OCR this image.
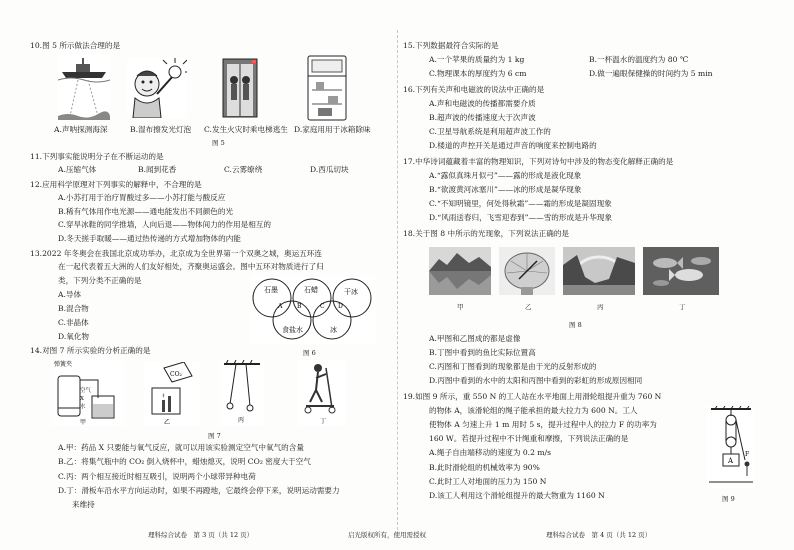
10.图 5 所示做法合理的是
A.声呐探测海深	B.湿布擦发光灯泡 C.发生火灾时乘电梯逃生 D.家庭用用于冰箱除味
图 5
11.下列事实能说明分子在不断运动的是
A.压缩气体	B.闻到花香	C.云雾缭绕	D.西瓜切块
12.应用科学原理对下列事实的解释中，不合理的是
A.小苏打用于治疗胃酸过多——小苏打能与酸反应
B.稀有气体用作电光源——通电能发出不同颜色的光
C.穿旱冰鞋的同学推墙，人向后退——物体间力的作用是相互的
D.冬天搓手取暖——通过热传递的方式增加物体的内能
13.2022 年冬奥会在我国北京成功举办，北京成为全世界第一个双奥之城，奥运五环连
在一起代表着五大洲的人们友好相处，齐聚奥运盛会。图中五环对物质进行了归
类，下列分类不正确的是
A.导体
B.混合物
C.非晶体
D.氧化物
石墨	石蜡	干冰
食盐水	冰
A B	C D
图 6
14.对图 7 所示实验的分析正确的是
弹簧夹
空气
X
水
甲
CO₂
乙	丙	丁
图 7
A.甲：药品 X 只要能与氧气反应，就可以用该实验测定空气中氧气的含量
B.乙：将集气瓶中的 CO₂ 倒入烧杯中，蜡烛熄灭，说明 CO₂ 密度大于空气
C.丙：两个相互接近时相互吸引，说明两个小球带异种电荷
D.丁：滑板车沿水平方向运动时，如果不再蹬地，它最终会停下来，说明运动需要力
来维持
15.下列数据最符合实际的是
A.一个苹果的质量约为 1 kg	B.一杯温水的温度约为 80 ℃
C.物理课本的厚度约为 6 cm	D.做一遍眼保健操的时间约为 5 min
16.下列有关声和电磁波的说法中正确的是
A.声和电磁波的传播都需要介质
B.超声波的传播速度大于次声波
C.卫星导航系统是利用超声波工作的
D.楼道的声控开关是通过声音的响度来控制电路的
17.中华诗词蕴藏着丰富的物理知识，下列对诗句中涉及的物态变化解释正确的是
A.“露似真珠月似弓”——露的形成是液化现象
B.“欲渡黄河冰塞川”——冰的形成是凝华现象
C.“不知明镜里，何处得秋霜”——霜的形成是凝固现象
D.“风雨送春归，飞雪迎春到”——雪的形成是升华现象
18.关于图 8 中所示的光现象，下列说法正确的是
甲	乙	丙	丁
图 8
A.甲图和乙图成的都是虚像
B.丁图中看到的鱼比实际位置高
C.丙图和丁图看到的现象都是由于光的反射形成的
D.丙图中看到的水中的太阳和丙图中看到的彩虹的形成原因相同
19.如图 9 所示，重 550 N 的工人站在水平地面上用滑轮组提升重为 760 N
的物体 A，该滑轮组的绳子能承担的最大拉力为 600 N。工人
使物体 A 匀速上升 1 m 用时 5 s，提升过程中人的拉力 F 的功率为
160 W。若提升过程中不计绳重和摩擦，下列说法正确的是
A.绳子自由端移动的速度为 0.2 m/s
B.此时滑轮组的机械效率为 90%
C.此时工人对地面的压力为 150 N
D.该工人利用这个滑轮组提升的最大物重为 1160 N
A
F
图 9
理科综合试卷　第 3 页（共 12 页）	启光版权所有，使用需授权	理科综合试卷　第 4 页（共 12 页）
